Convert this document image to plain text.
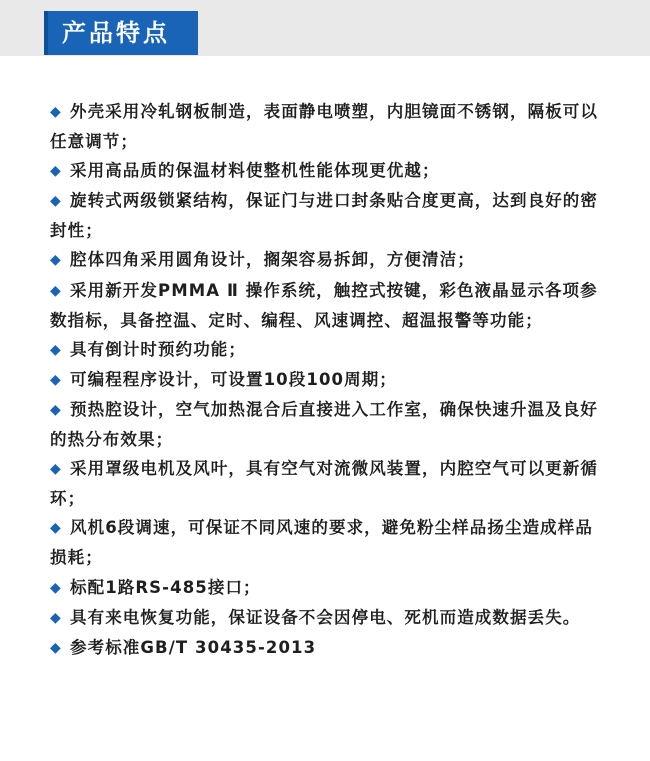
产品特点
◆ 外壳采用冷轧钢板制造，表面静电喷塑，内胆镜面不锈钢，隔板可以任意调节；
◆ 采用高品质的保温材料使整机性能体现更优越；
◆ 旋转式两级锁紧结构，保证门与进口封条贴合度更高，达到良好的密封性；
◆ 腔体四角采用圆角设计，搁架容易拆卸，方便清洁；
◆ 采用新开发PMMA Ⅱ 操作系统，触控式按键，彩色液晶显示各项参数指标，具备控温、定时、编程、风速调控、超温报警等功能；
◆ 具有倒计时预约功能；
◆ 可编程程序设计，可设置10段100周期；
◆ 预热腔设计，空气加热混合后直接进入工作室，确保快速升温及良好的热分布效果；
◆ 采用罩级电机及风叶，具有空气对流微风装置，内腔空气可以更新循环；
◆ 风机6段调速，可保证不同风速的要求，避免粉尘样品扬尘造成样品损耗；
◆ 标配1路RS-485接口；
◆ 具有来电恢复功能，保证设备不会因停电、死机而造成数据丢失。
◆ 参考标准GB/T 30435-2013
